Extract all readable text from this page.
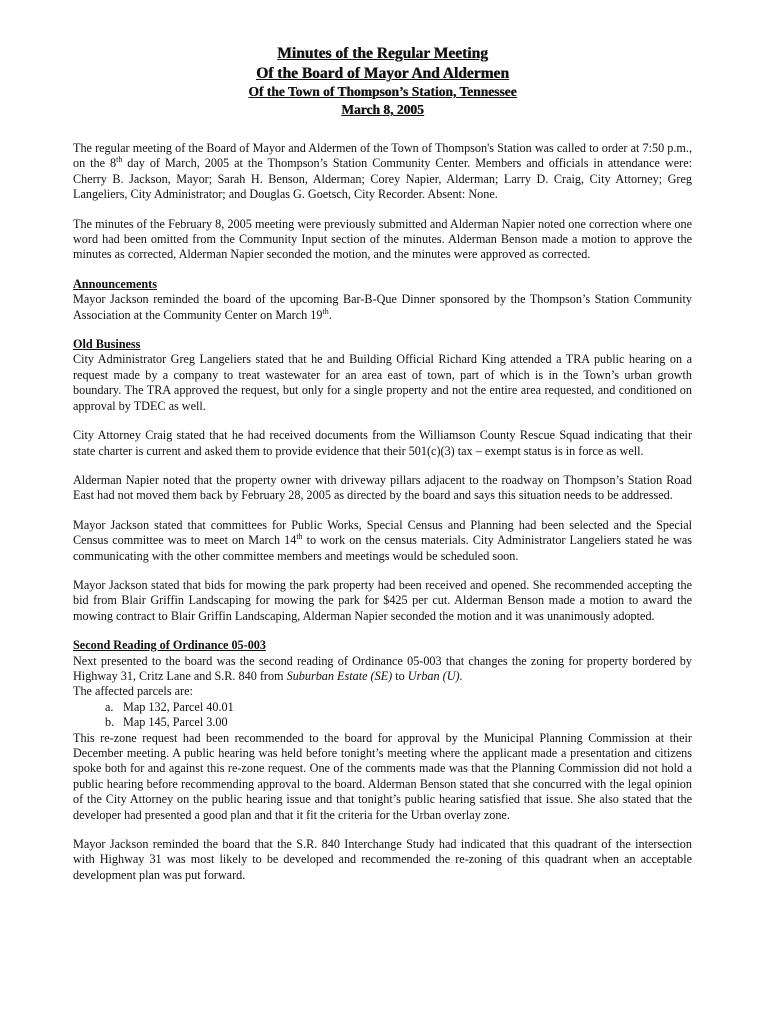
Minutes of the Regular Meeting
Of the Board of Mayor And Aldermen
Of the Town of Thompson’s Station, Tennessee
March 8, 2005

The regular meeting of the Board of Mayor and Aldermen of the Town of Thompson's Station was called to order at 7:50 p.m., on the 8th day of March, 2005 at the Thompson’s Station Community Center. Members and officials in attendance were: Cherry B. Jackson, Mayor; Sarah H. Benson, Alderman; Corey Napier, Alderman; Larry D. Craig, City Attorney; Greg Langeliers, City Administrator; and Douglas G. Goetsch, City Recorder. Absent: None.

The minutes of the February 8, 2005 meeting were previously submitted and Alderman Napier noted one correction where one word had been omitted from the Community Input section of the minutes. Alderman Benson made a motion to approve the minutes as corrected, Alderman Napier seconded the motion, and the minutes were approved as corrected.

Announcements

Mayor Jackson reminded the board of the upcoming Bar-B-Que Dinner sponsored by the Thompson’s Station Community Association at the Community Center on March 19th.

Old Business

City Administrator Greg Langeliers stated that he and Building Official Richard King attended a TRA public hearing on a request made by a company to treat wastewater for an area east of town, part of which is in the Town’s urban growth boundary. The TRA approved the request, but only for a single property and not the entire area requested, and conditioned on approval by TDEC as well.

City Attorney Craig stated that he had received documents from the Williamson County Rescue Squad indicating that their state charter is current and asked them to provide evidence that their 501(c)(3) tax – exempt status is in force as well.

Alderman Napier noted that the property owner with driveway pillars adjacent to the roadway on Thompson’s Station Road East had not moved them back by February 28, 2005 as directed by the board and says this situation needs to be addressed.

Mayor Jackson stated that committees for Public Works, Special Census and Planning had been selected and the Special Census committee was to meet on March 14th to work on the census materials. City Administrator Langeliers stated he was communicating with the other committee members and meetings would be scheduled soon.

Mayor Jackson stated that bids for mowing the park property had been received and opened. She recommended accepting the bid from Blair Griffin Landscaping for mowing the park for $425 per cut. Alderman Benson made a motion to award the mowing contract to Blair Griffin Landscaping, Alderman Napier seconded the motion and it was unanimously adopted.

Second Reading of Ordinance 05-003

Next presented to the board was the second reading of Ordinance 05-003 that changes the zoning for property bordered by Highway 31, Critz Lane and S.R. 840 from Suburban Estate (SE) to Urban (U).
The affected parcels are:

a. Map 132, Parcel 40.01
b. Map 145, Parcel 3.00

This re-zone request had been recommended to the board for approval by the Municipal Planning Commission at their December meeting. A public hearing was held before tonight’s meeting where the applicant made a presentation and citizens spoke both for and against this re-zone request. One of the comments made was that the Planning Commission did not hold a public hearing before recommending approval to the board. Alderman Benson stated that she concurred with the legal opinion of the City Attorney on the public hearing issue and that tonight’s public hearing satisfied that issue. She also stated that the developer had presented a good plan and that it fit the criteria for the Urban overlay zone.

Mayor Jackson reminded the board that the S.R. 840 Interchange Study had indicated that this quadrant of the intersection with Highway 31 was most likely to be developed and recommended the re-zoning of this quadrant when an acceptable development plan was put forward.
